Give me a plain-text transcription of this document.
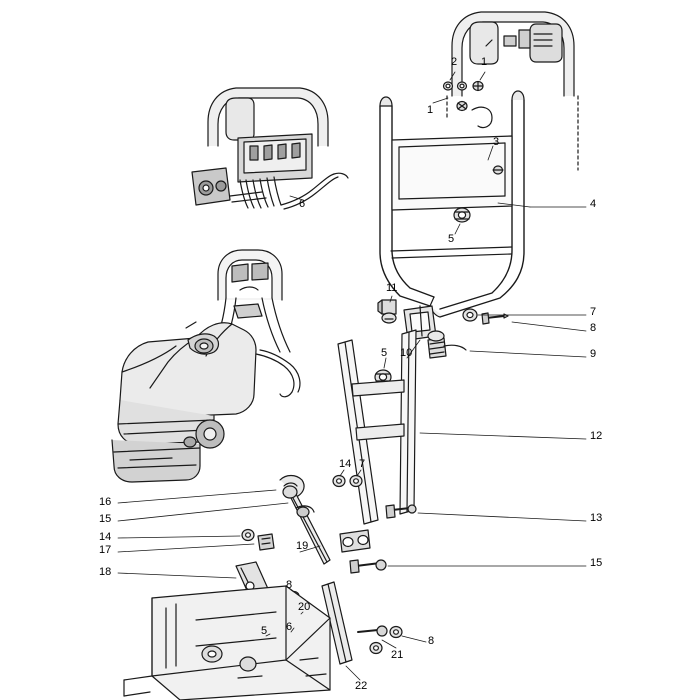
1
2
1
3
4
5
6
11
7
8
9
5 10
12
14 7
13
16
15
14
17
18
19
15
8
20
5 6
8
21
22
